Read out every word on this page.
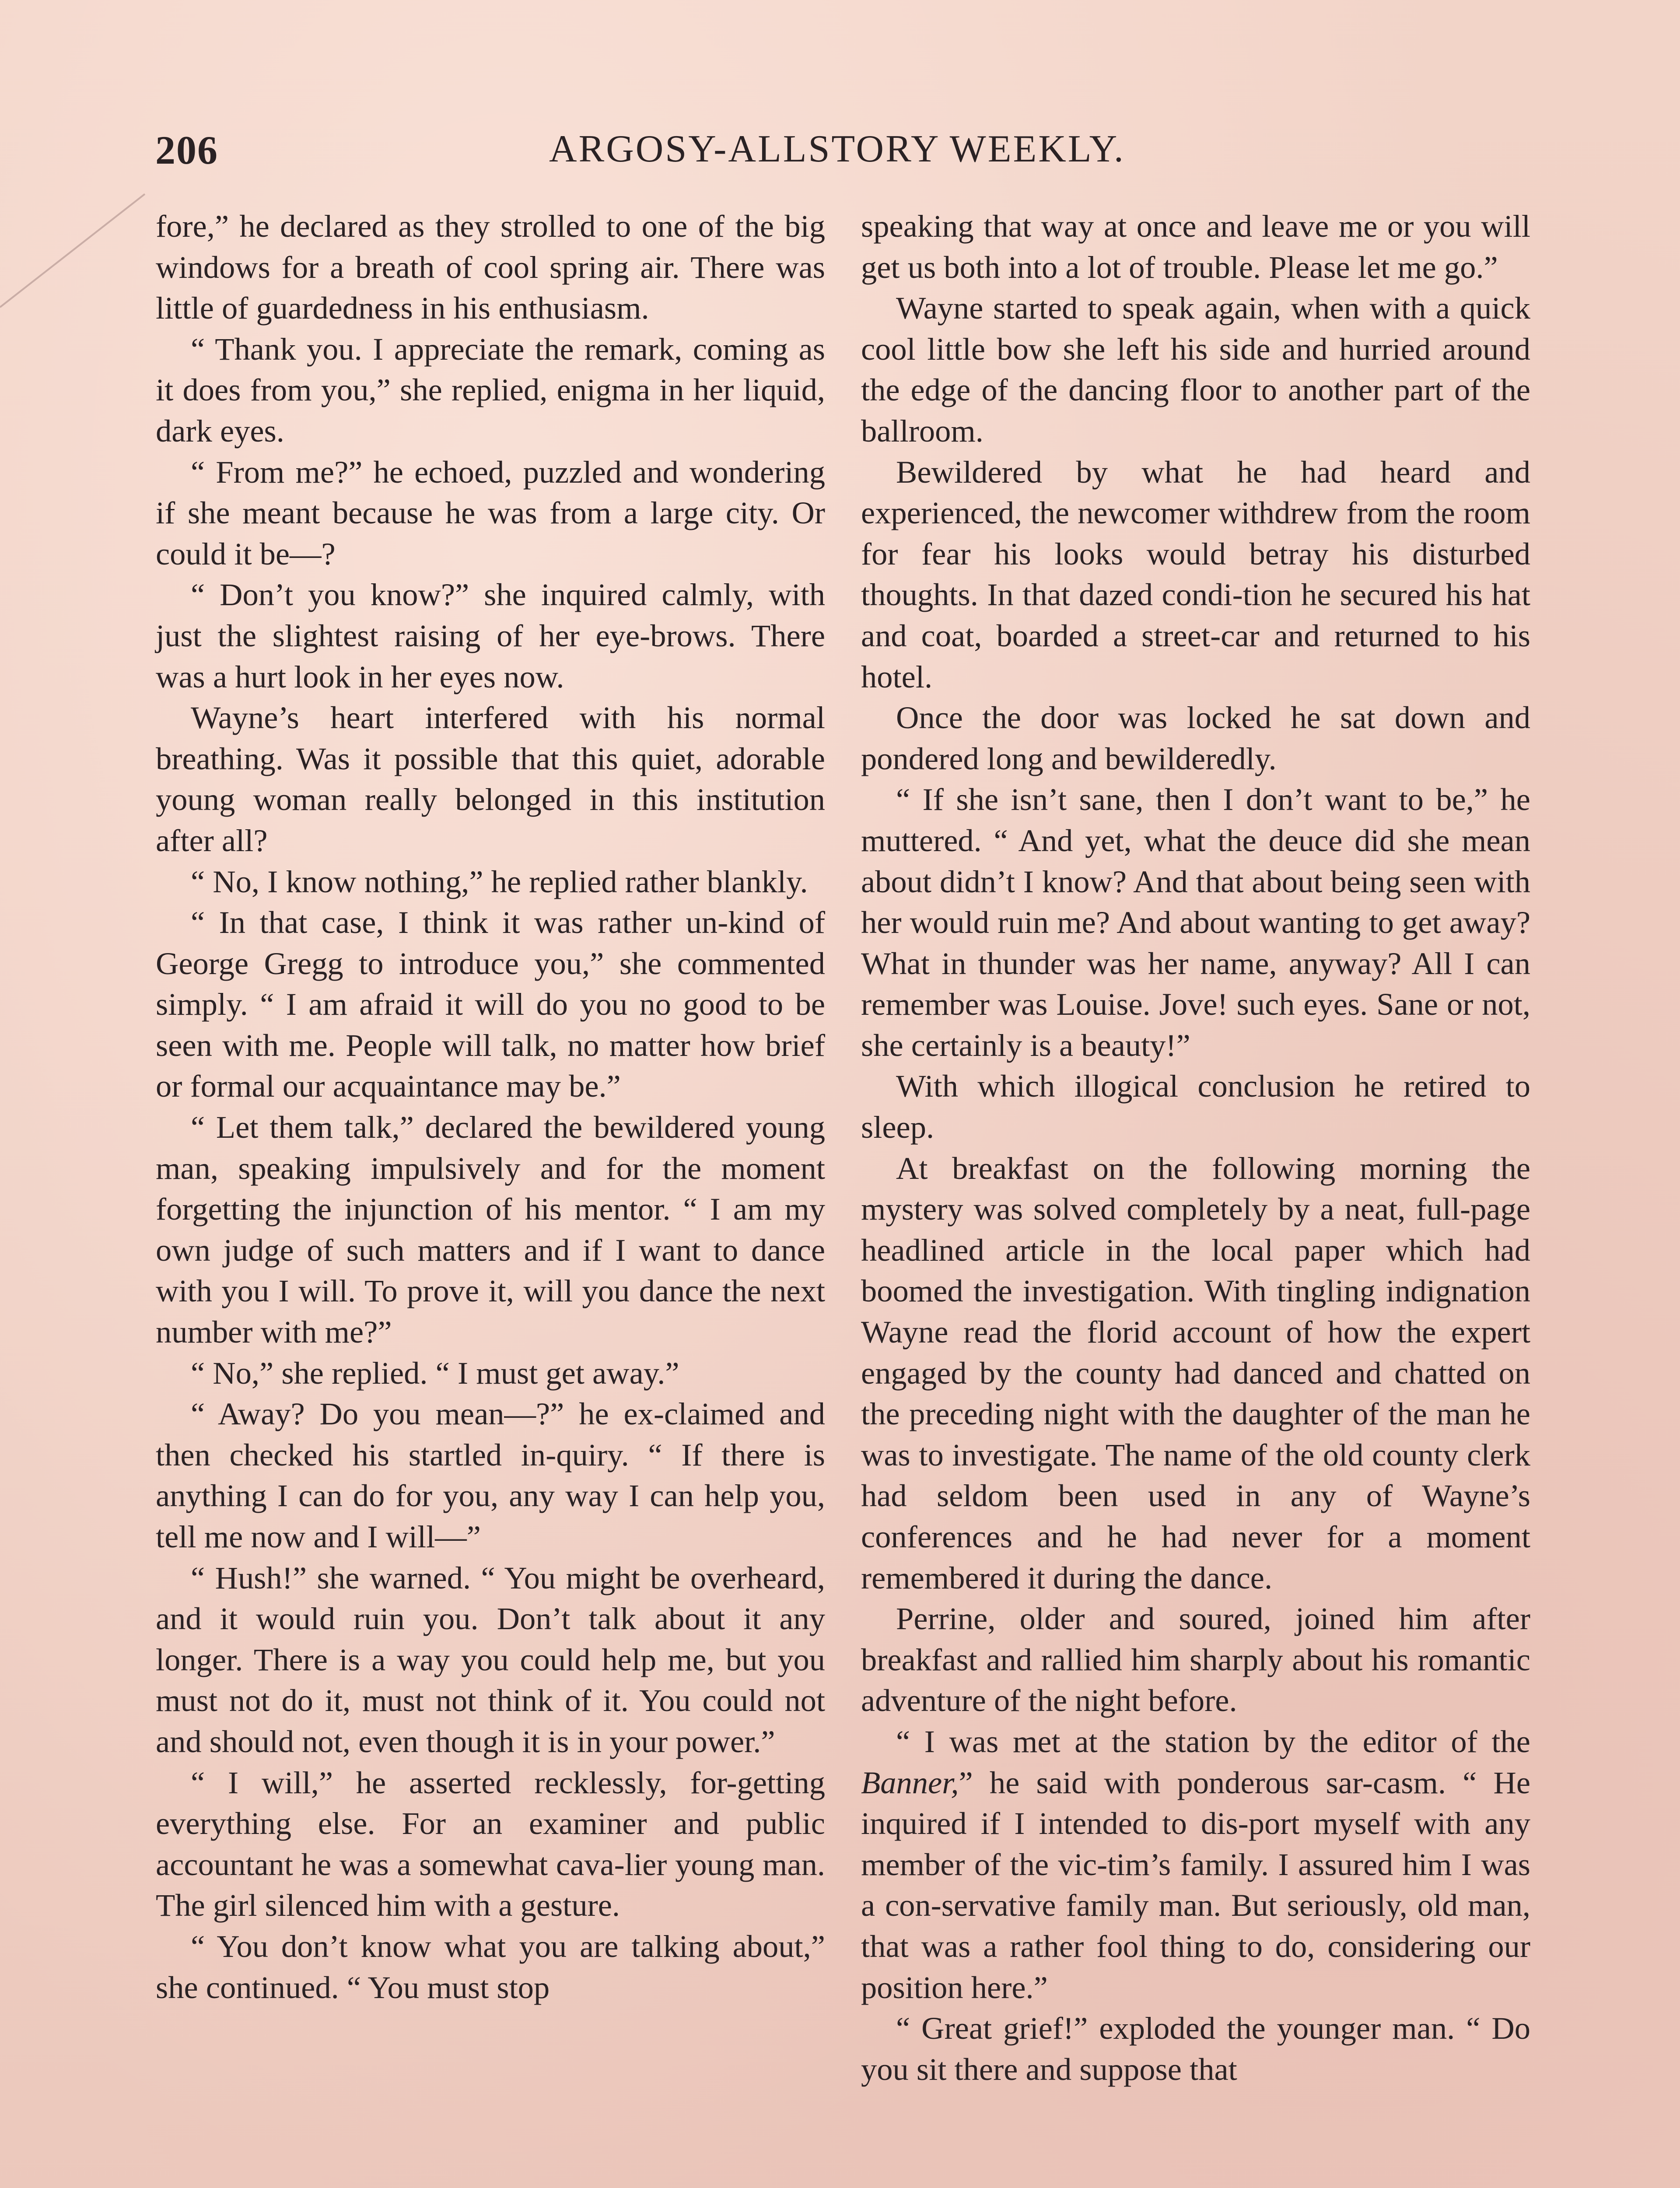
206	ARGOSY-ALLSTORY WEEKLY.

fore,” he declared as they strolled to one of the big windows for a breath of cool spring air. There was little of guardedness in his enthusiasm.

“ Thank you. I appreciate the remark, coming as it does from you,” she replied, enigma in her liquid, dark eyes.

“ From me?” he echoed, puzzled and wondering if she meant because he was from a large city. Or could it be—?

“ Don’t you know?” she inquired calmly, with just the slightest raising of her eye-brows. There was a hurt look in her eyes now.

Wayne’s heart interfered with his normal breathing. Was it possible that this quiet, adorable young woman really belonged in this institution after all?

“ No, I know nothing,” he replied rather blankly.

“ In that case, I think it was rather un-kind of George Gregg to introduce you,” she commented simply. “ I am afraid it will do you no good to be seen with me. People will talk, no matter how brief or formal our acquaintance may be.”

“ Let them talk,” declared the bewildered young man, speaking impulsively and for the moment forgetting the injunction of his mentor. “ I am my own judge of such matters and if I want to dance with you I will. To prove it, will you dance the next number with me?”

“ No,” she replied. “ I must get away.”

“ Away? Do you mean—?” he ex-claimed and then checked his startled in-quiry. “ If there is anything I can do for you, any way I can help you, tell me now and I will—”

“ Hush!” she warned. “ You might be overheard, and it would ruin you. Don’t talk about it any longer. There is a way you could help me, but you must not do it, must not think of it. You could not and should not, even though it is in your power.”

“ I will,” he asserted recklessly, for-getting everything else. For an examiner and public accountant he was a somewhat cava-lier young man. The girl silenced him with a gesture.

“ You don’t know what you are talking about,” she continued. “ You must stop

speaking that way at once and leave me or you will get us both into a lot of trouble. Please let me go.”

Wayne started to speak again, when with a quick cool little bow she left his side and hurried around the edge of the dancing floor to another part of the ballroom.

Bewildered by what he had heard and experienced, the newcomer withdrew from the room for fear his looks would betray his disturbed thoughts. In that dazed condi-tion he secured his hat and coat, boarded a street-car and returned to his hotel.

Once the door was locked he sat down and pondered long and bewilderedly.

“ If she isn’t sane, then I don’t want to be,” he muttered. “ And yet, what the deuce did she mean about didn’t I know? And that about being seen with her would ruin me? And about wanting to get away? What in thunder was her name, anyway? All I can remember was Louise. Jove! such eyes. Sane or not, she certainly is a beauty!”

With which illogical conclusion he retired to sleep.

At breakfast on the following morning the mystery was solved completely by a neat, full-page headlined article in the local paper which had boomed the investigation. With tingling indignation Wayne read the florid account of how the expert engaged by the county had danced and chatted on the preceding night with the daughter of the man he was to investigate. The name of the old county clerk had seldom been used in any of Wayne’s conferences and he had never for a moment remembered it during the dance.

Perrine, older and soured, joined him after breakfast and rallied him sharply about his romantic adventure of the night before.

“ I was met at the station by the editor of the Banner,” he said with ponderous sar-casm. “ He inquired if I intended to dis-port myself with any member of the vic-tim’s family. I assured him I was a con-servative family man. But seriously, old man, that was a rather fool thing to do, considering our position here.”

“ Great grief!” exploded the younger man. “ Do you sit there and suppose that
